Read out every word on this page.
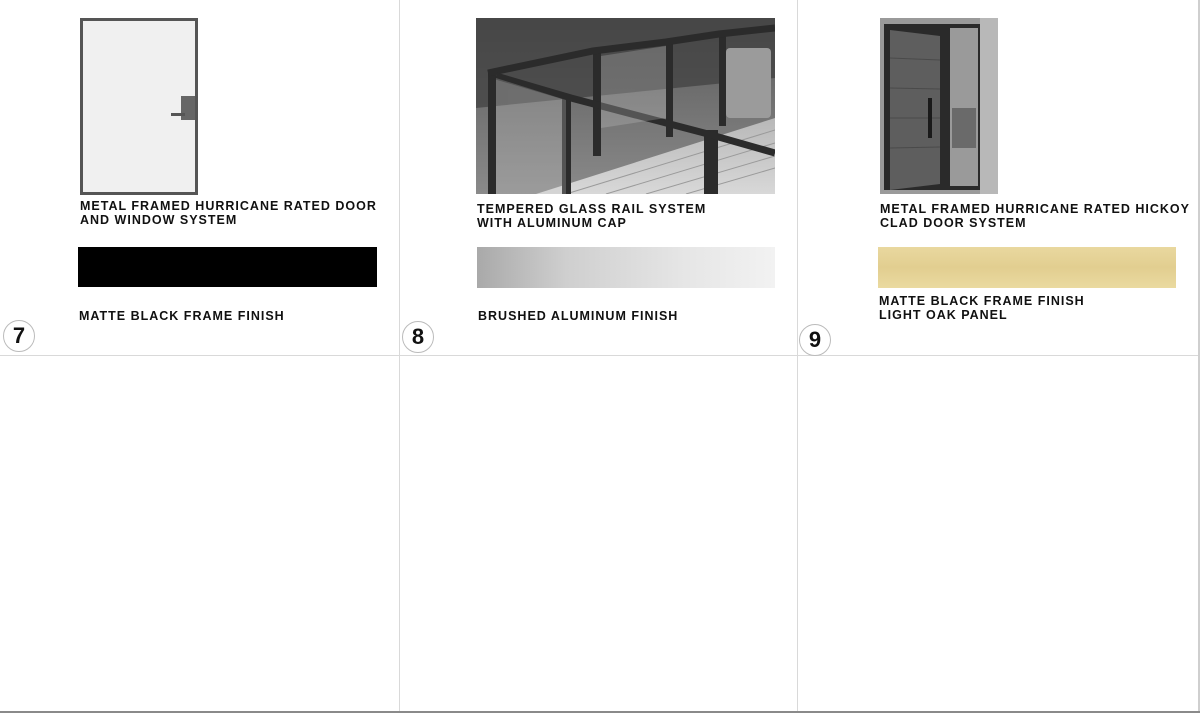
METAL FRAMED HURRICANE RATED DOOR
AND WINDOW SYSTEM
MATTE BLACK FRAME FINISH
7
TEMPERED GLASS RAIL SYSTEM
WITH ALUMINUM CAP
BRUSHED ALUMINUM FINISH
8
METAL FRAMED HURRICANE RATED HICKOY
CLAD DOOR SYSTEM
MATTE BLACK FRAME FINISH
LIGHT OAK PANEL
9
